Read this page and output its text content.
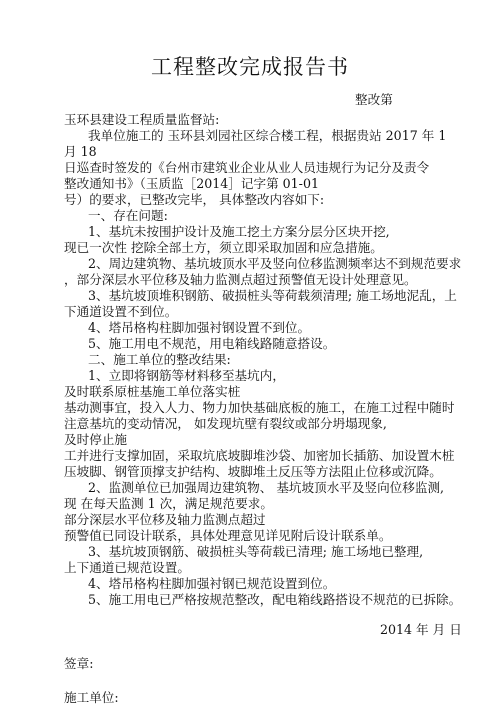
工程整改完成报告书
整改第
玉环县建设工程质量监督站:
我单位施工的 玉环县刘园社区综合楼工程，根据贵站 2017 年 1
月 18
日巡查时签发的《台州市建筑业企业从业人员违规行为记分及责令
整改通知书》（玉质监［2014］记字第 01-01
号）的要求，已整改完毕， 具体整改内容如下:
一、存在问题:
1、基坑未按围护设计及施工挖土方案分层分区块开挖,
现已一次性 挖除全部土方，须立即采取加固和应急措施。
2、周边建筑物、基坑坡顶水平及竖向位移监测频率达不到规范要求
，部分深层水平位移及轴力监测点超过预警值无设计处理意见。
3、基坑坡顶堆积钢筋、破损桩头等荷载须清理; 施工场地泥乱，上
下通道设置不到位。
4、塔吊格构柱脚加强衬钢设置不到位。
5、施工用电不规范，用电箱线路随意搭设。
二、施工单位的整改结果:
1、立即将钢筋等材料移至基坑内，
及时联系原桩基施工单位落实桩
基动测事宜，投入人力、物力加快基础底板的施工，在施工过程中随时
注意基坑的变动情况， 如发现坑壁有裂纹或部分坍塌现象,
及时停止施
工并进行支撑加固，采取坑底坡脚堆沙袋、加密加长插筋、加设置木桩
压坡脚、钢管顶撑支护结构、坡脚堆土反压等方法阻止位移或沉降。
2、监测单位已加强周边建筑物、 基坑坡顶水平及竖向位移监测,
现 在每天监测 1 次，满足规范要求。
部分深层水平位移及轴力监测点超过
预警值已同设计联系，具体处理意见详见附后设计联系单。
3、基坑坡顶钢筋、破损桩头等荷载已清理; 施工场地已整理,
上下通道已规范设置。
4、塔吊格构柱脚加强衬钢已规范设置到位。
5、施工用电已严格按规范整改，配电箱线路搭设不规范的已拆除。
2014 年 月 日
签章:
施工单位:
